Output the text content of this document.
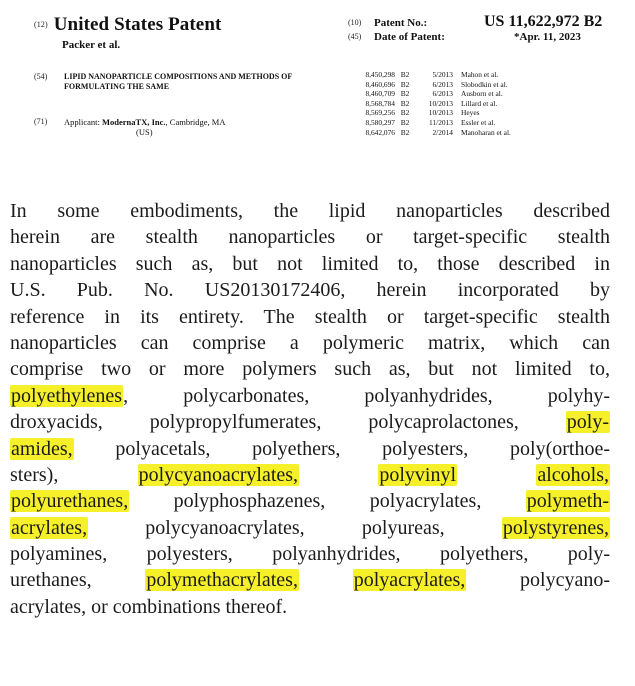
(12) United States Patent
Packer et al.
(10) Patent No.:	US 11,622,972 B2
(45) Date of Patent:	*Apr. 11, 2023
(54) LIPID NANOPARTICLE COMPOSITIONS AND METHODS OF FORMULATING THE SAME
(71) Applicant: ModernaTX, Inc., Cambridge, MA
(US)
8,450,298 B2	5/2013 Mahon et al.
8,460,696 B2	6/2013 Slobodkin et al.
8,460,709 B2	6/2013 Ausborn et al.
8,568,784 B2	10/2013 Lillard et al.
8,569,256 B2	10/2013 Heyes
8,580,297 B2	11/2013 Essler et al.
8,642,076 B2	2/2014 Manoharan et al.
In some embodiments, the lipid nanoparticles described
herein are stealth nanoparticles or target-specific stealth
nanoparticles such as, but not limited to, those described in
U.S. Pub. No. US20130172406, herein incorporated by
reference in its entirety. The stealth or target-specific stealth
nanoparticles can comprise a polymeric matrix, which can
comprise two or more polymers such as, but not limited to,
polyethylenes, polycarbonates, polyanhydrides, polyhy-
droxyacids, polypropylfumerates, polycaprolactones, poly-
amides, polyacetals, polyethers, polyesters, poly(orthoe-
sters), polycyanoacrylates,	polyvinyl	alcohols,
polyurethanes, polyphosphazenes, polyacrylates, polymeth-
acrylates, polycyanoacrylates, polyureas, polystyrenes,
polyamines, polyesters, polyanhydrides, polyethers, poly-
urethanes, polymethacrylates,	polyacrylates, polycyano-
acrylates, or combinations thereof.
